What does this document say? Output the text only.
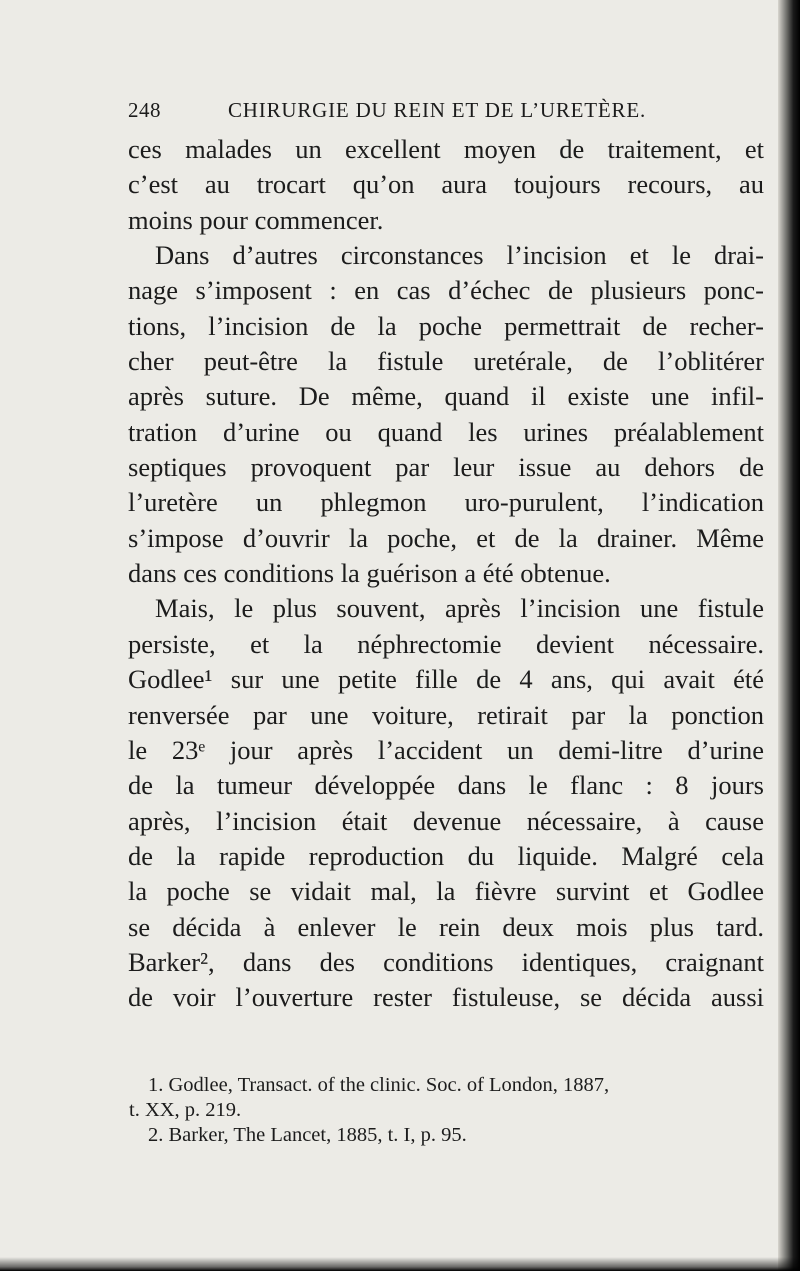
248	CHIRURGIE DU REIN ET DE L’URETÈRE.
ces malades un excellent moyen de traitement, et
c’est au trocart qu’on aura toujours recours, au
moins pour commencer.
Dans d’autres circonstances l’incision et le drai-
nage s’imposent : en cas d’échec de plusieurs ponc-
tions, l’incision de la poche permettrait de recher-
cher peut-être la fistule uretérale, de l’oblitérer
après suture. De même, quand il existe une infil-
tration d’urine ou quand les urines préalablement
septiques provoquent par leur issue au dehors de
l’uretère un phlegmon uro-purulent, l’indication
s’impose d’ouvrir la poche, et de la drainer. Même
dans ces conditions la guérison a été obtenue.
Mais, le plus souvent, après l’incision une fistule
persiste, et la néphrectomie devient nécessaire.
Godlee¹ sur une petite fille de 4 ans, qui avait été
renversée par une voiture, retirait par la ponction
le 23ᵉ jour après l’accident un demi-litre d’urine
de la tumeur développée dans le flanc : 8 jours
après, l’incision était devenue nécessaire, à cause
de la rapide reproduction du liquide. Malgré cela
la poche se vidait mal, la fièvre survint et Godlee
se décida à enlever le rein deux mois plus tard.
Barker², dans des conditions identiques, craignant
de voir l’ouverture rester fistuleuse, se décida aussi
1. Godlee, Transact. of the clinic. Soc. of London, 1887,
t. XX, p. 219.
2. Barker, The Lancet, 1885, t. I, p. 95.
